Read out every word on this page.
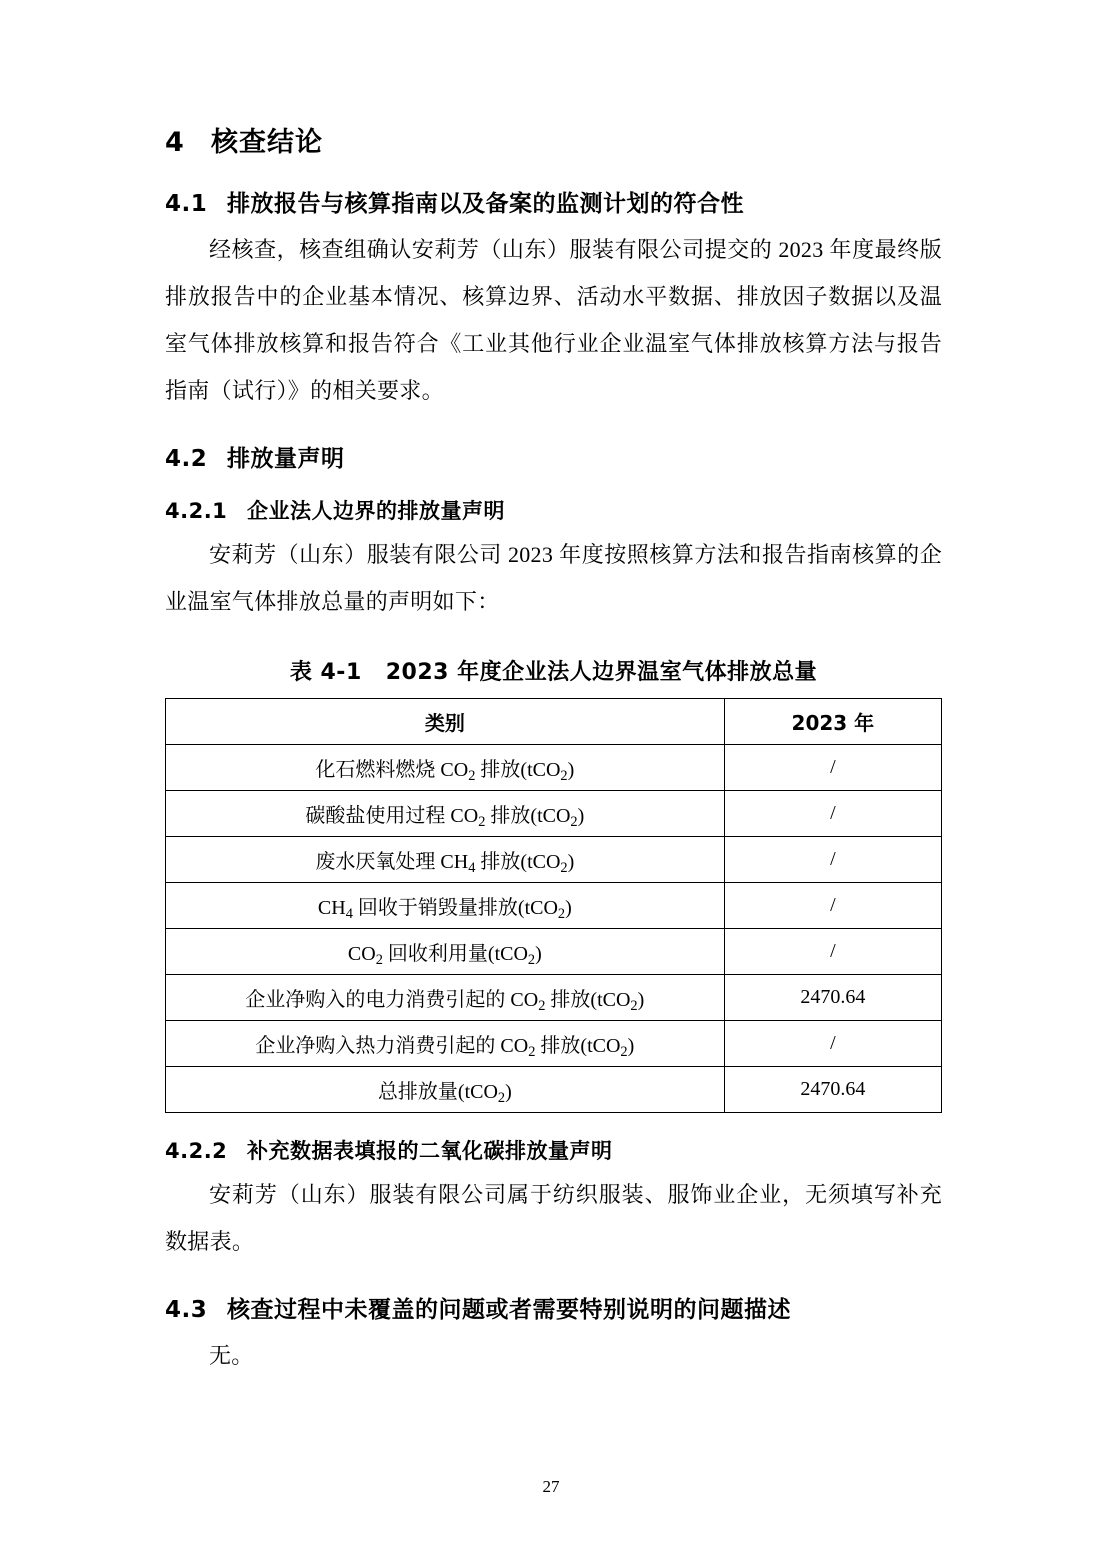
4 核查结论
4.1 排放报告与核算指南以及备案的监测计划的符合性

经核查，核查组确认安莉芳（山东）服装有限公司提交的 2023 年度最终版排放报告中的企业基本情况、核算边界、活动水平数据、排放因子数据以及温室气体排放核算和报告符合《工业其他行业企业温室气体排放核算方法与报告指南（试行）》的相关要求。

4.2 排放量声明
4.2.1 企业法人边界的排放量声明

安莉芳（山东）服装有限公司 2023 年度按照核算方法和报告指南核算的企业温室气体排放总量的声明如下：

表 4-1 2023 年度企业法人边界温室气体排放总量
类别	2023 年
化石燃料燃烧 $CO_2$ 排放(tCO$_2$)	/
碳酸盐使用过程 $CO_2$ 排放(tCO$_2$)	/
废水厌氧处理 $CH_4$ 排放(tCO$_2$)	/
$CH_4$ 回收于销毁量排放(tCO$_2$)	/
$CO_2$ 回收利用量(tCO$_2$)	/
企业净购入的电力消费引起的 $CO_2$ 排放(tCO$_2$)	2470.64
企业净购入热力消费引起的 $CO_2$ 排放(tCO$_2$)	/
总排放量(tCO$_2$)	2470.64
4.2.2 补充数据表填报的二氧化碳排放量声明

安莉芳（山东）服装有限公司属于纺织服装、服饰业企业，无须填写补充数据表。

4.3 核查过程中未覆盖的问题或者需要特别说明的问题描述

无。

27
